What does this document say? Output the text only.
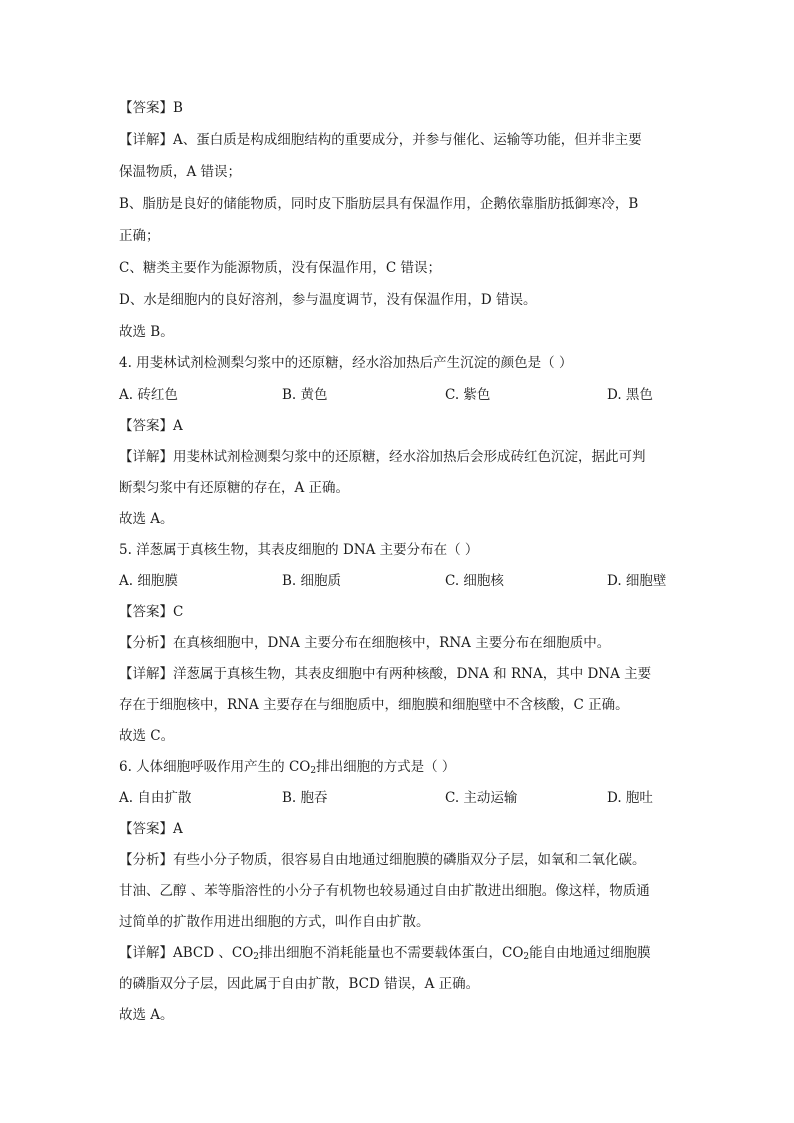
【答案】B
【详解】A、蛋白质是构成细胞结构的重要成分，并参与催化、运输等功能，但并非主要
保温物质，A 错误；
B、脂肪是良好的储能物质，同时皮下脂肪层具有保温作用，企鹅依靠脂肪抵御寒冷，B
正确；
C、糖类主要作为能源物质，没有保温作用，C 错误；
D、水是细胞内的良好溶剂，参与温度调节，没有保温作用，D 错误。
故选 B。
4. 用斐林试剂检测梨匀浆中的还原糖，经水浴加热后产生沉淀的颜色是（ ）
A. 砖红色	B. 黄色	C. 紫色	D. 黑色
【答案】A
【详解】用斐林试剂检测梨匀浆中的还原糖，经水浴加热后会形成砖红色沉淀，据此可判
断梨匀浆中有还原糖的存在，A 正确。
故选 A。
5. 洋葱属于真核生物，其表皮细胞的 DNA 主要分布在（ ）
A. 细胞膜	B. 细胞质	C. 细胞核	D. 细胞壁
【答案】C
【分析】在真核细胞中，DNA 主要分布在细胞核中，RNA 主要分布在细胞质中。
【详解】洋葱属于真核生物，其表皮细胞中有两种核酸，DNA 和 RNA，其中 DNA 主要
存在于细胞核中，RNA 主要存在与细胞质中，细胞膜和细胞壁中不含核酸，C 正确。
故选 C。
6. 人体细胞呼吸作用产生的 $CO_2$排出细胞的方式是（ ）
A. 自由扩散	B. 胞吞	C. 主动运输	D. 胞吐
【答案】A
【分析】有些小分子物质，很容易自由地通过细胞膜的磷脂双分子层，如氧和二氧化碳。
甘油、乙醇 、苯等脂溶性的小分子有机物也较易通过自由扩散进出细胞。像这样，物质通
过简单的扩散作用进出细胞的方式，叫作自由扩散。
【详解】ABCD 、$CO_2$排出细胞不消耗能量也不需要载体蛋白，$CO_2$能自由地通过细胞膜
的磷脂双分子层，因此属于自由扩散，BCD 错误，A 正确。
故选 A。
